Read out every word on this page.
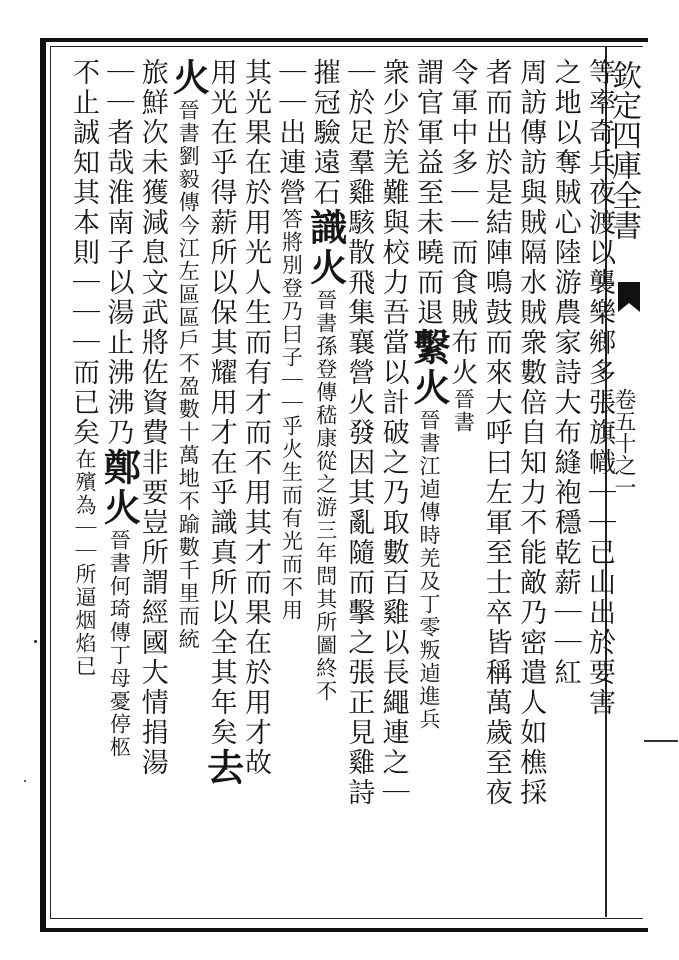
欽定四庫全書
卷五十之一
等率奇兵夜渡以襲樂鄉多張旗幟｜｜已山出於要害
之地以奪賊心陸游農家詩大布縫袍穩乾薪｜｜紅
周訪傳訪與賊隔水賊衆數倍自知力不能敵乃密遣人如樵採
者而出於是結陣鳴鼓而來大呼曰左軍至士卒皆稱萬歲至夜
令軍中多｜｜而食賊
布火
晉書
謂官軍益至未曉而退
繫火
晉書江逌傳時羌及丁零叛逌進兵
衆少於羌難與校力吾當以計破之乃取數百雞以長繩連之｜
｜於足羣雞駭散飛集襄營火發因其亂隨而擊之張正見雞詩
摧冠驗遠石
識火
晉書孫登傳嵇康從之游三年問其所圖終不
｜｜出連營
答將別登乃曰子｜｜乎火生而有光而不用
其光果在於用光人生而有才而不用其才而果在於用才故
用光在乎得薪所以保其耀用才在乎識真所以全其年矣
去
火
晉書劉毅傳今江左區區戶不盈數十萬地不踰數千里而統
旅鮮次未獲減息文武將佐資費非要豈所謂經國大情捐湯
｜｜者哉淮南子以湯止沸沸乃
鄭火
晉書何琦傳丁母憂停柩
不止誠知其本則｜｜｜而已矣
在殯為｜｜所逼烟焰已
